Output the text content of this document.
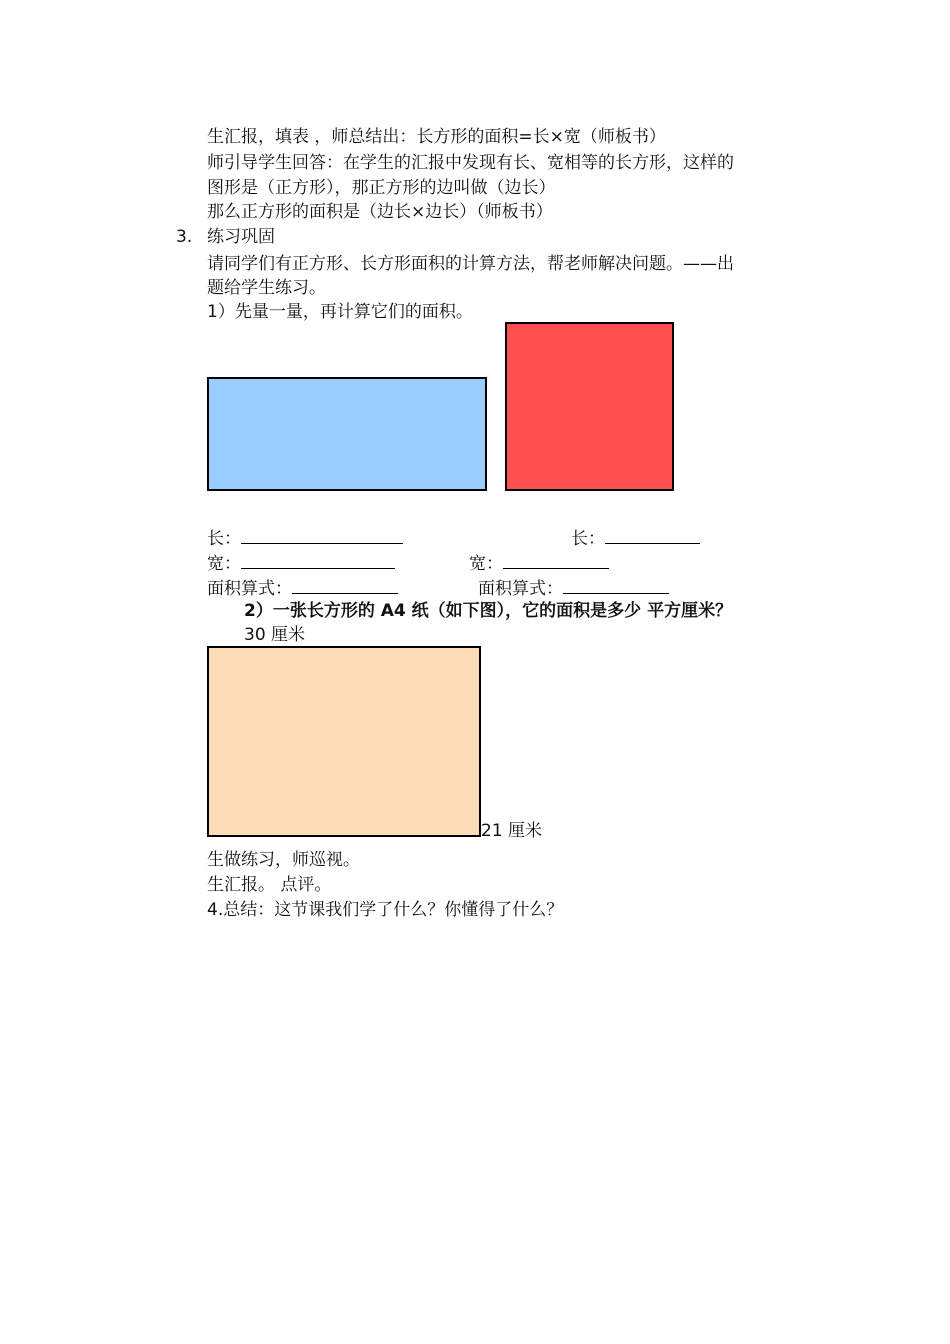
生汇报，填表 ，师总结出：长方形的面积=长×宽（师板书）
师引导学生回答：在学生的汇报中发现有长、宽相等的长方形，这样的
图形是（正方形），那正方形的边叫做（边长）
那么正方形的面积是（边长×边长）（师板书）
3. 练习巩固
请同学们有正方形、长方形面积的计算方法，帮老师解决问题。——出
题给学生练习。
1）先量一量，再计算它们的面积。
长：	长：
宽：	宽：
面积算式：	面积算式：
2）一张长方形的 A4 纸（如下图），它的面积是多少 平方厘米？
30 厘米
21 厘米
生做练习，师巡视。
生汇报。 点评。
4.总结：这节课我们学了什么？你懂得了什么？
